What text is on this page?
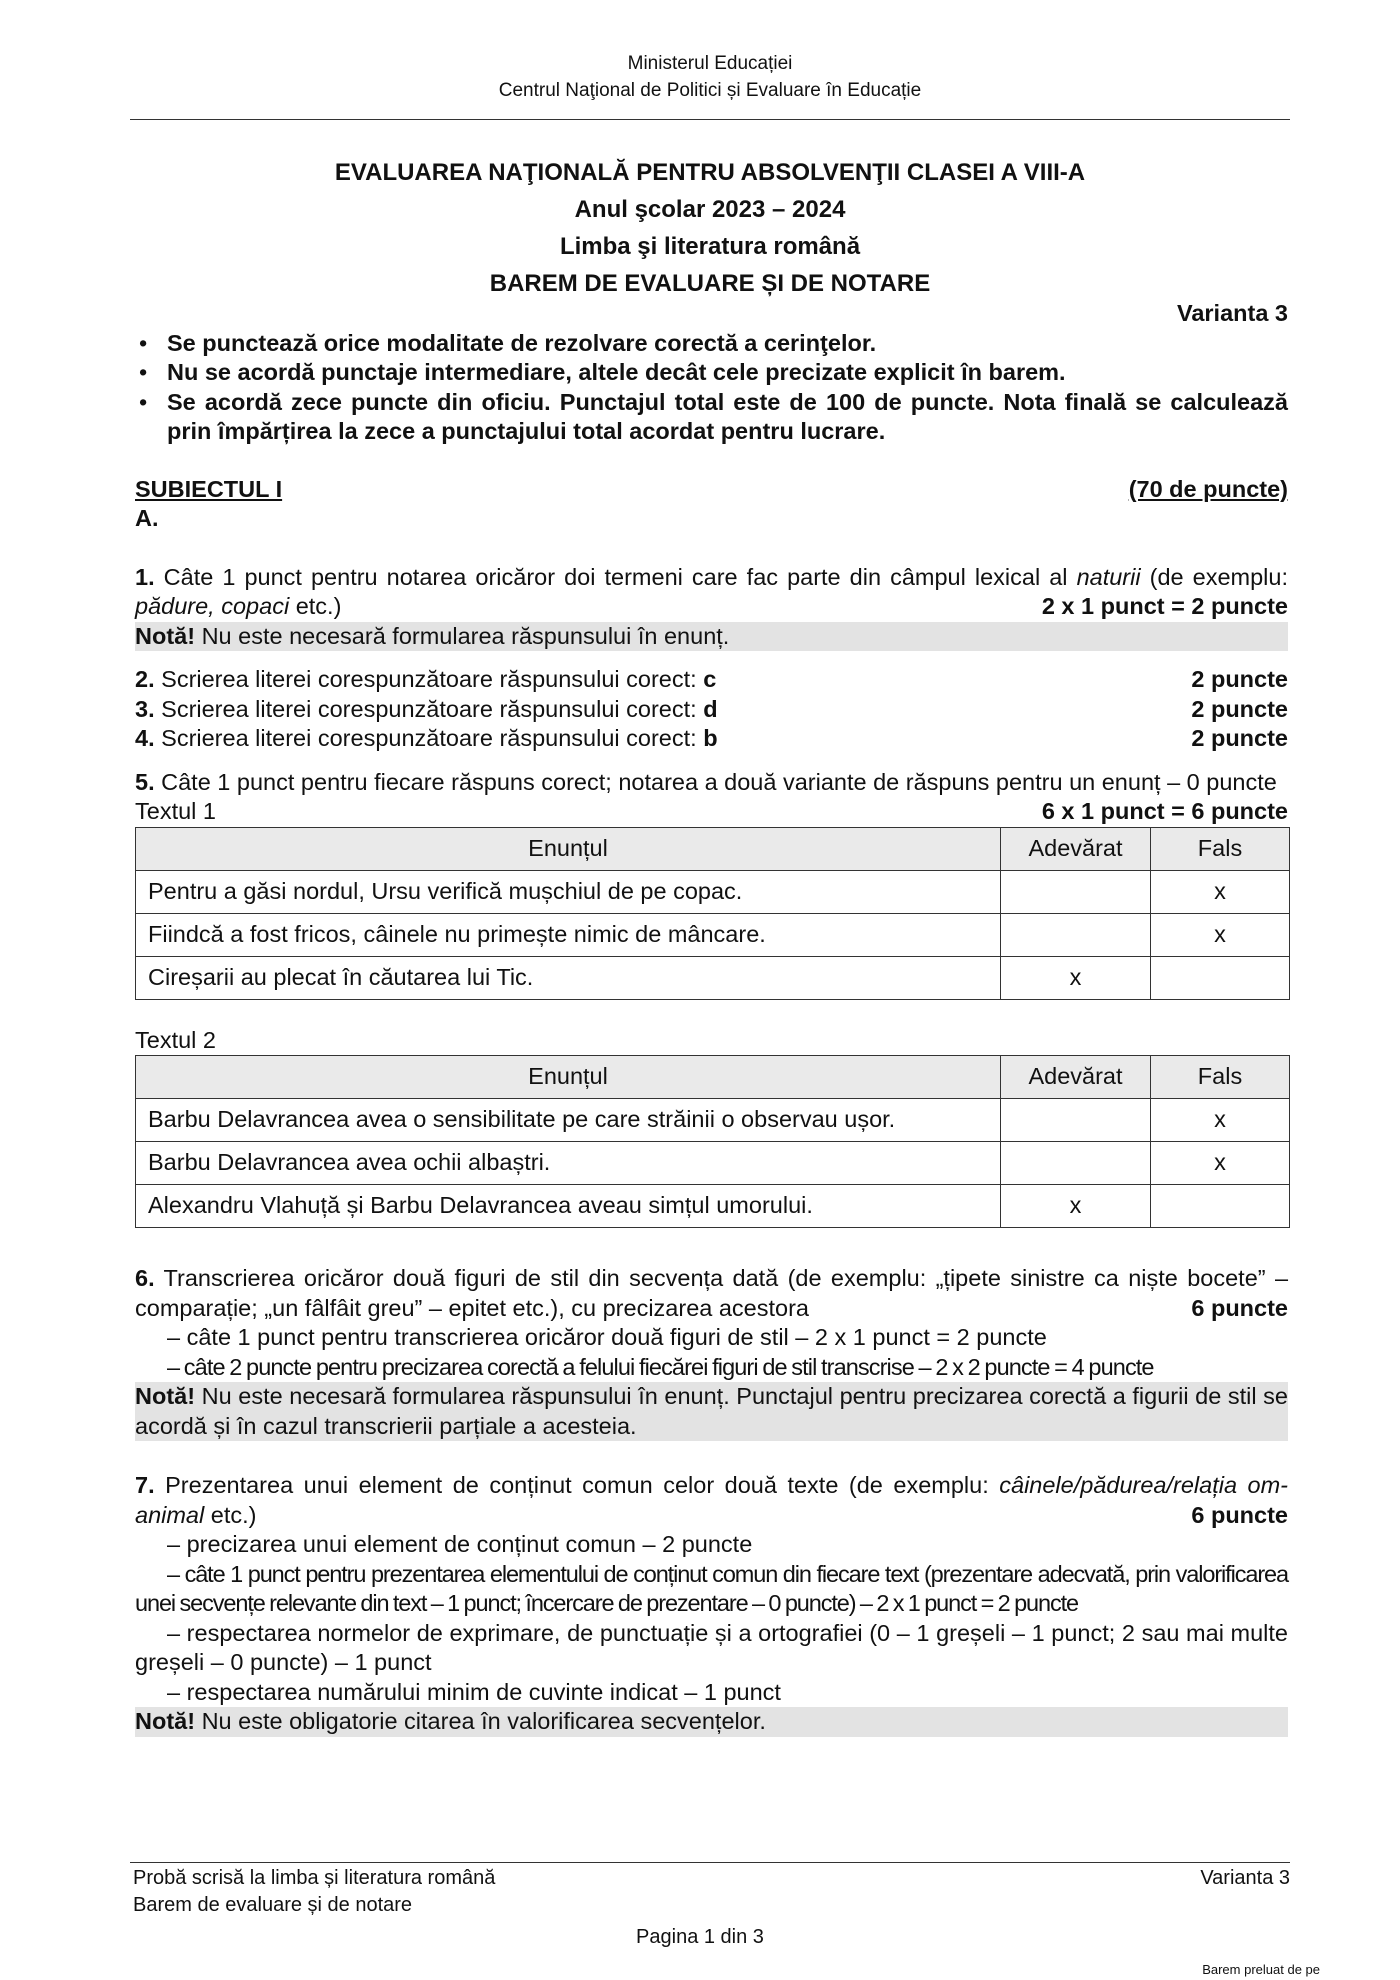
Ministerul Educației
Centrul Naţional de Politici și Evaluare în Educație
EVALUAREA NAŢIONALĂ PENTRU ABSOLVENŢII CLASEI A VIII-A
Anul şcolar 2023 – 2024
Limba şi literatura română
BAREM DE EVALUARE ȘI DE NOTARE
Varianta 3
• Se punctează orice modalitate de rezolvare corectă a cerinţelor.
• Nu se acordă punctaje intermediare, altele decât cele precizate explicit în barem.
• Se acordă zece puncte din oficiu. Punctajul total este de 100 de puncte. Nota finală se calculează prin împărțirea la zece a punctajului total acordat pentru lucrare.
SUBIECTUL I	(70 de puncte)
A.
1. Câte 1 punct pentru notarea oricăror doi termeni care fac parte din câmpul lexical al naturii (de exemplu: pădure, copaci etc.)	2 x 1 punct = 2 puncte
Notă! Nu este necesară formularea răspunsului în enunț.
2. Scrierea literei corespunzătoare răspunsului corect: c	2 puncte
3. Scrierea literei corespunzătoare răspunsului corect: d	2 puncte
4. Scrierea literei corespunzătoare răspunsului corect: b	2 puncte
5. Câte 1 punct pentru fiecare răspuns corect; notarea a două variante de răspuns pentru un enunț – 0 puncte
6 x 1 punct = 6 puncte
Textul 1
Enunțul	Adevărat	Fals
Pentru a găsi nordul, Ursu verifică mușchiul de pe copac.		x
Fiindcă a fost fricos, câinele nu primește nimic de mâncare.		x
Cireșarii au plecat în căutarea lui Tic.	x	
Textul 2
Enunțul	Adevărat	Fals
Barbu Delavrancea avea o sensibilitate pe care străinii o observau ușor.		x
Barbu Delavrancea avea ochii albaștri.		x
Alexandru Vlahuță și Barbu Delavrancea aveau simțul umorului.	x	
6. Transcrierea oricăror două figuri de stil din secvența dată (de exemplu: „țipete sinistre ca niște bocete” – comparație; „un fâlfâit greu” – epitet etc.), cu precizarea acestora	6 puncte
– câte 1 punct pentru transcrierea oricăror două figuri de stil – 2 x 1 punct = 2 puncte
– câte 2 puncte pentru precizarea corectă a felului fiecărei figuri de stil transcrise – 2 x 2 puncte = 4 puncte
Notă! Nu este necesară formularea răspunsului în enunț. Punctajul pentru precizarea corectă a figurii de stil se acordă și în cazul transcrierii parțiale a acesteia.
7. Prezentarea unui element de conținut comun celor două texte (de exemplu: câinele/pădurea/relația om-animal etc.)	6 puncte
– precizarea unui element de conținut comun – 2 puncte
– câte 1 punct pentru prezentarea elementului de conținut comun din fiecare text (prezentare adecvată, prin valorificarea unei secvențe relevante din text – 1 punct; încercare de prezentare – 0 puncte) – 2 x 1 punct = 2 puncte
– respectarea normelor de exprimare, de punctuație și a ortografiei (0 – 1 greșeli – 1 punct; 2 sau mai multe greșeli – 0 puncte) – 1 punct
– respectarea numărului minim de cuvinte indicat – 1 punct
Notă! Nu este obligatorie citarea în valorificarea secvențelor.
Probă scrisă la limba și literatura română	Varianta 3
Barem de evaluare și de notare
Pagina 1 din 3
Barem preluat de pe
